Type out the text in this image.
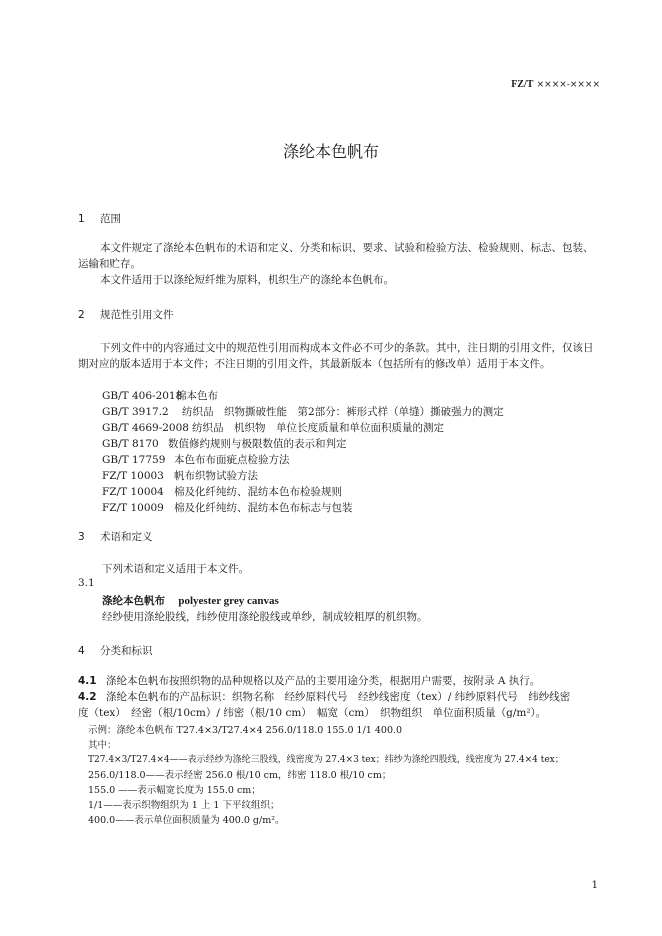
FZ/T ××××-××××
涤纶本色帆布
1 范围
本文件规定了涤纶本色帆布的术语和定义、分类和标识、要求、试验和检验方法、检验规则、标志、包装、运输和贮存。
本文件适用于以涤纶短纤维为原料，机织生产的涤纶本色帆布。
2 规范性引用文件
下列文件中的内容通过文中的规范性引用而构成本文件必不可少的条款。其中，注日期的引用文件，仅该日期对应的版本适用于本文件；不注日期的引用文件，其最新版本（包括所有的修改单）适用于本文件。
GB/T 406-2018棉本色布
GB/T 3917.2 纺织品　织物撕破性能　第2部分：裤形式样（单缝）撕破强力的测定
GB/T 4669-2008 纺织品　机织物　单位长度质量和单位面积质量的测定
GB/T 8170 数值修约规则与极限数值的表示和判定
GB/T 17759 本色布布面疵点检验方法
FZ/T 10003 帆布织物试验方法
FZ/T 10004 棉及化纤纯纺、混纺本色布检验规则
FZ/T 10009 棉及化纤纯纺、混纺本色布标志与包装
3 术语和定义
下列术语和定义适用于本文件。
3.1
涤纶本色帆布 polyester grey canvas
经纱使用涤纶股线，纬纱使用涤纶股线或单纱，制成较粗厚的机织物。
4 分类和标识
4.1 涤纶本色帆布按照织物的品种规格以及产品的主要用途分类，根据用户需要，按附录 A 执行。
4.2 涤纶本色帆布的产品标识：织物名称　经纱原料代号　经纱线密度（tex）/ 纬纱原料代号　纬纱线密
度（tex）　经密（根/10cm）/ 纬密（根/10 cm）　幅宽（cm）　织物组织　单位面积质量（g/m²）。
示例：涤纶本色帆布 T27.4×3/T27.4×4 256.0/118.0 155.0 1/1 400.0
其中：
T27.4×3/T27.4×4——表示经纱为涤纶三股线，线密度为 27.4×3 tex；纬纱为涤纶四股线，线密度为 27.4×4 tex；
256.0/118.0——表示经密 256.0 根/10 cm，纬密 118.0 根/10 cm；
155.0 ——表示幅宽长度为 155.0 cm；
1/1——表示织物组织为 1 上 1 下平纹组织；
400.0——表示单位面积质量为 400.0 g/m²。
1
